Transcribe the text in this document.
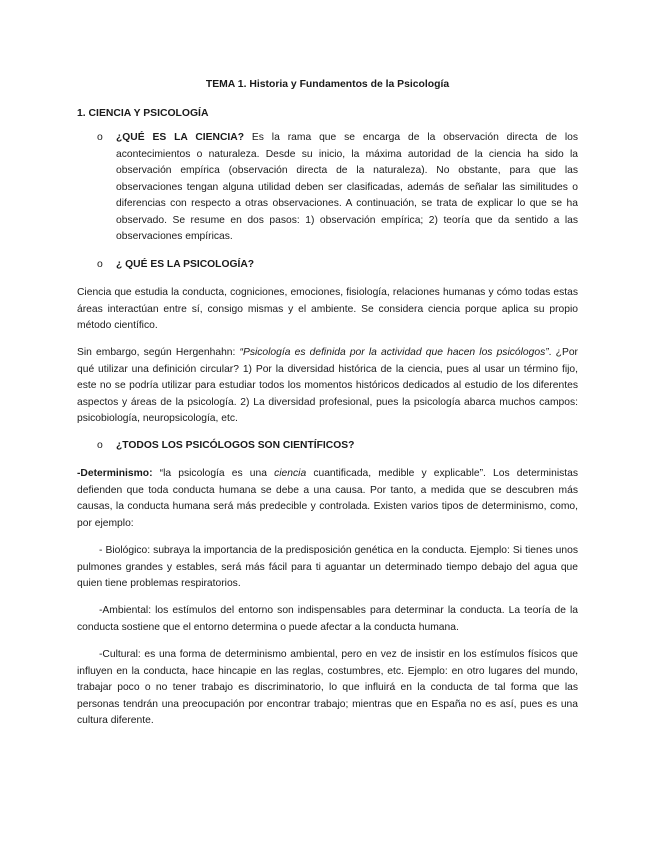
TEMA 1. Historia y Fundamentos de la Psicología
1. CIENCIA Y PSICOLOGÍA
o ¿QUÉ ES LA CIENCIA? Es la rama que se encarga de la observación directa de los acontecimientos o naturaleza. Desde su inicio, la máxima autoridad de la ciencia ha sido la observación empírica (observación directa de la naturaleza). No obstante, para que las observaciones tengan alguna utilidad deben ser clasificadas, además de señalar las similitudes o diferencias con respecto a otras observaciones. A continuación, se trata de explicar lo que se ha observado. Se resume en dos pasos: 1) observación empírica; 2) teoría que da sentido a las observaciones empíricas.
o ¿ QUÉ ES LA PSICOLOGÍA?
Ciencia que estudia la conducta, cogniciones, emociones, fisiología, relaciones humanas y cómo todas estas áreas interactúan entre sí, consigo mismas y el ambiente. Se considera ciencia porque aplica su propio método científico.
Sin embargo, según Hergenhahn: “Psicología es definida por la actividad que hacen los psicólogos”. ¿Por qué utilizar una definición circular? 1) Por la diversidad histórica de la ciencia, pues al usar un término fijo, este no se podría utilizar para estudiar todos los momentos históricos dedicados al estudio de los diferentes aspectos y áreas de la psicología. 2) La diversidad profesional, pues la psicología abarca muchos campos: psicobiología, neuropsicología, etc.
o ¿TODOS LOS PSICÓLOGOS SON CIENTÍFICOS?
-Determinismo: “la psicología es una ciencia cuantificada, medible y explicable”. Los deterministas defienden que toda conducta humana se debe a una causa. Por tanto, a medida que se descubren más causas, la conducta humana será más predecible y controlada. Existen varios tipos de determinismo, como, por ejemplo:
- Biológico: subraya la importancia de la predisposición genética en la conducta. Ejemplo: Si tienes unos pulmones grandes y estables, será más fácil para ti aguantar un determinado tiempo debajo del agua que quien tiene problemas respiratorios.
-Ambiental: los estímulos del entorno son indispensables para determinar la conducta. La teoría de la conducta sostiene que el entorno determina o puede afectar a la conducta humana.
-Cultural: es una forma de determinismo ambiental, pero en vez de insistir en los estímulos físicos que influyen en la conducta, hace hincapie en las reglas, costumbres, etc. Ejemplo: en otro lugares del mundo, trabajar poco o no tener trabajo es discriminatorio, lo que influirá en la conducta de tal forma que las personas tendrán una preocupación por encontrar trabajo; mientras que en España no es así, pues es una cultura diferente.
